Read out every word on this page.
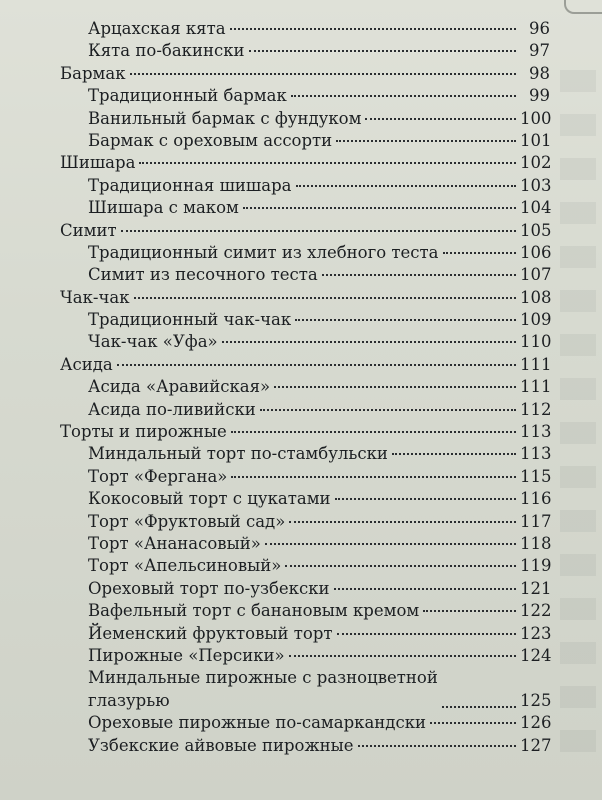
Арцахская кята	96
Кята по-бакински	97
Бармак	98
Традиционный бармак	99
Ванильный бармак с фундуком	100
Бармак с ореховым ассорти	101
Шишара	102
Традиционная шишара	103
Шишара с маком	104
Симит	105
Традиционный симит из хлебного теста	106
Симит из песочного теста	107
Чак-чак	108
Традиционный чак-чак	109
Чак-чак «Уфа»	110
Асида	111
Асида «Аравийская»	111
Асида по-ливийски	112
Торты и пирожные	113
Миндальный торт по-стамбульски	113
Торт «Фергана»	115
Кокосовый торт с цукатами	116
Торт «Фруктовый сад»	117
Торт «Ананасовый»	118
Торт «Апельсиновый»	119
Ореховый торт по-узбекски	121
Вафельный торт с банановым кремом	122
Йеменский фруктовый торт	123
Пирожные «Персики»	124
Миндальные пирожные с разноцветной
глазурью	125
Ореховые пирожные по-самаркандски	126
Узбекские айвовые пирожные	127
